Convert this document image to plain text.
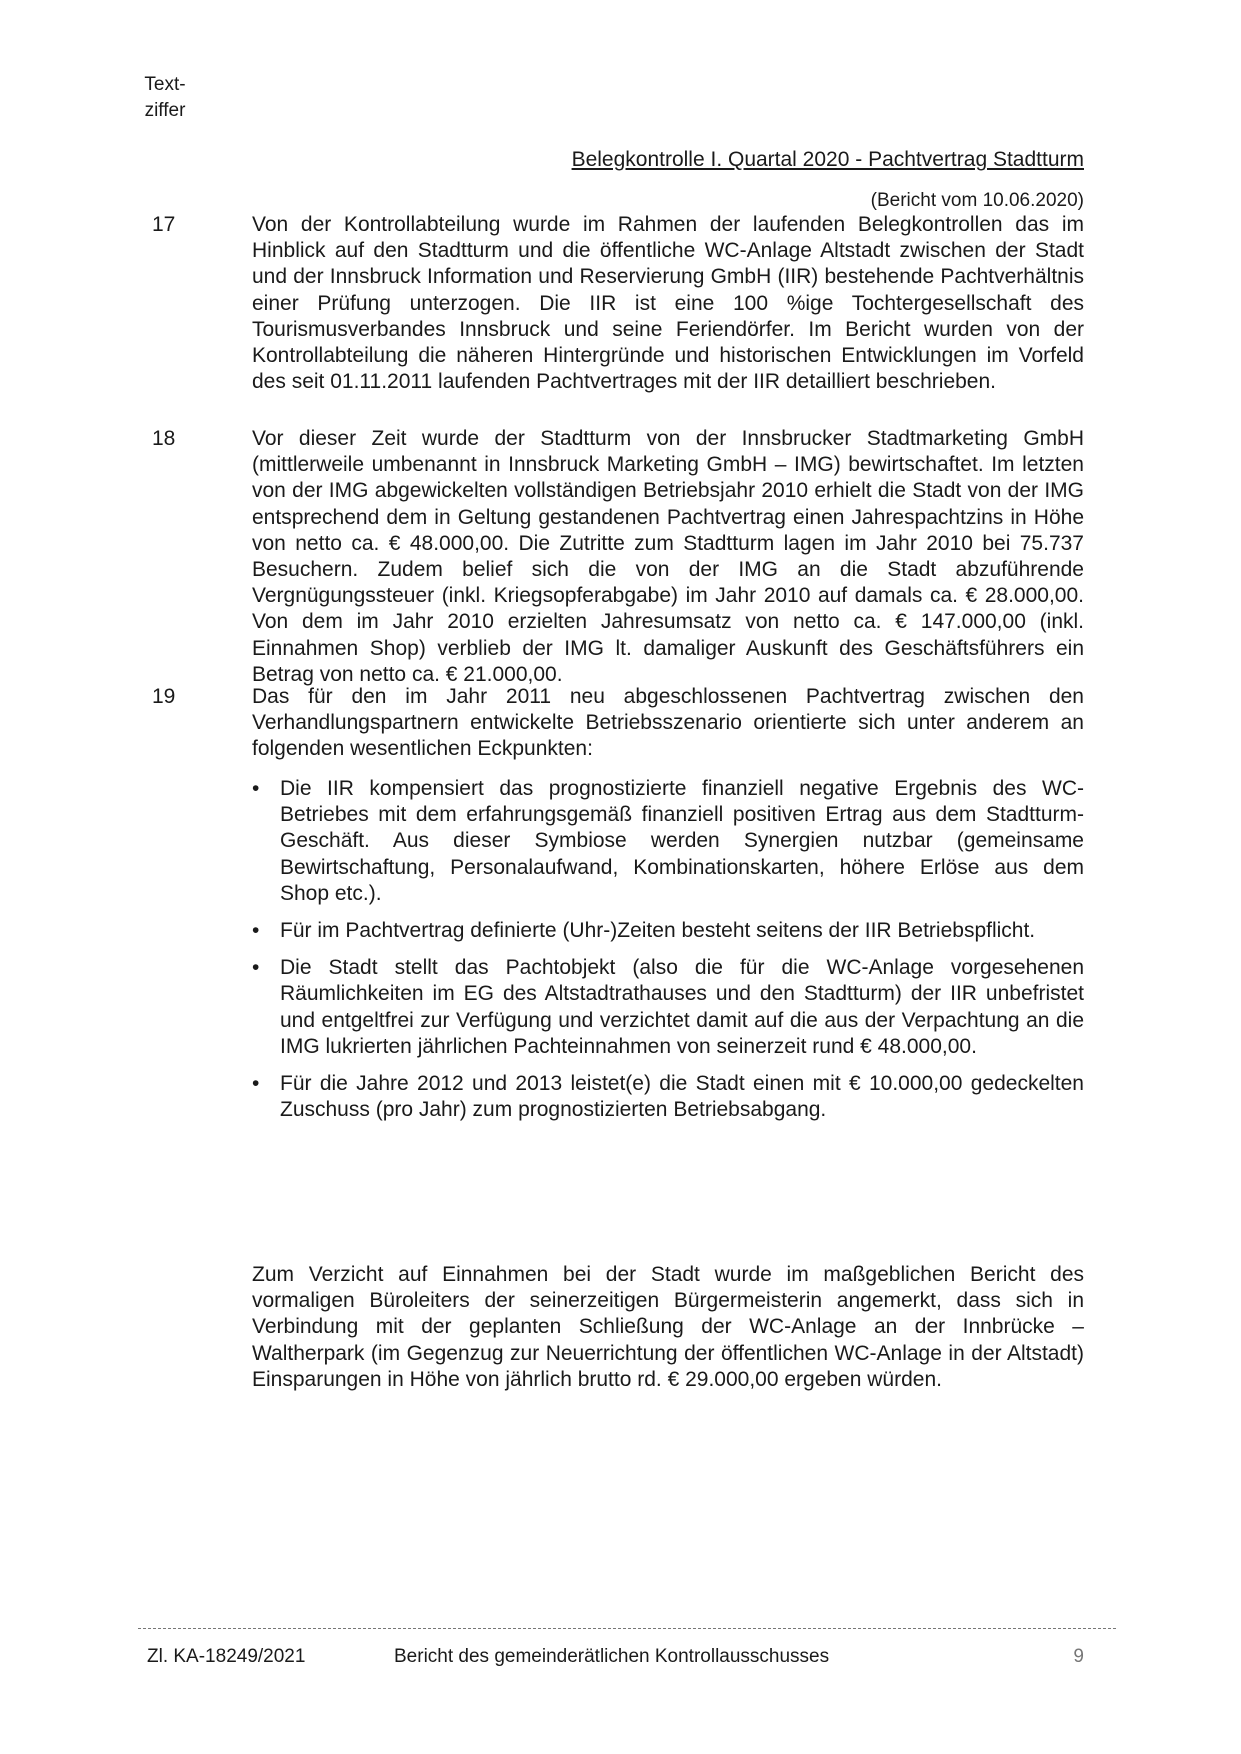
Text-
ziffer
Belegkontrolle I. Quartal 2020 - Pachtvertrag Stadtturm
(Bericht vom 10.06.2020)
17	Von der Kontrollabteilung wurde im Rahmen der laufenden Belegkontrollen das im Hinblick auf den Stadtturm und die öffentliche WC-Anlage Altstadt zwischen der Stadt und der Innsbruck Information und Reservierung GmbH (IIR) bestehende Pachtverhältnis einer Prüfung unterzogen. Die IIR ist eine 100 %ige Tochtergesellschaft des Tourismusverbandes Innsbruck und seine Feriendörfer. Im Bericht wurden von der Kontrollabteilung die näheren Hintergründe und historischen Entwicklungen im Vorfeld des seit 01.11.2011 laufenden Pachtvertrages mit der IIR detailliert beschrieben.
18	Vor dieser Zeit wurde der Stadtturm von der Innsbrucker Stadtmarketing GmbH (mittlerweile umbenannt in Innsbruck Marketing GmbH – IMG) bewirtschaftet. Im letzten von der IMG abgewickelten vollständigen Betriebsjahr 2010 erhielt die Stadt von der IMG entsprechend dem in Geltung gestandenen Pachtvertrag einen Jahrespachtzins in Höhe von netto ca. € 48.000,00. Die Zutritte zum Stadtturm lagen im Jahr 2010 bei 75.737 Besuchern. Zudem belief sich die von der IMG an die Stadt abzuführende Vergnügungssteuer (inkl. Kriegsopferabgabe) im Jahr 2010 auf damals ca. € 28.000,00. Von dem im Jahr 2010 erzielten Jahresumsatz von netto ca. € 147.000,00 (inkl. Einnahmen Shop) verblieb der IMG lt. damaliger Auskunft des Geschäftsführers ein Betrag von netto ca. € 21.000,00.
19	Das für den im Jahr 2011 neu abgeschlossenen Pachtvertrag zwischen den Verhandlungspartnern entwickelte Betriebsszenario orientierte sich unter anderem an folgenden wesentlichen Eckpunkten:
• Die IIR kompensiert das prognostizierte finanziell negative Ergebnis des WC-Betriebes mit dem erfahrungsgemäß finanziell positiven Ertrag aus dem Stadtturm-Geschäft. Aus dieser Symbiose werden Synergien nutzbar (gemeinsame Bewirtschaftung, Personalaufwand, Kombinationskarten, höhere Erlöse aus dem Shop etc.).
• Für im Pachtvertrag definierte (Uhr-)Zeiten besteht seitens der IIR Betriebspflicht.
• Die Stadt stellt das Pachtobjekt (also die für die WC-Anlage vorgesehenen Räumlichkeiten im EG des Altstadtrathauses und den Stadtturm) der IIR unbefristet und entgeltfrei zur Verfügung und verzichtet damit auf die aus der Verpachtung an die IMG lukrierten jährlichen Pachteinnahmen von seinerzeit rund € 48.000,00.
• Für die Jahre 2012 und 2013 leistet(e) die Stadt einen mit € 10.000,00 gedeckelten Zuschuss (pro Jahr) zum prognostizierten Betriebsabgang.
Zum Verzicht auf Einnahmen bei der Stadt wurde im maßgeblichen Bericht des vormaligen Büroleiters der seinerzeitigen Bürgermeisterin angemerkt, dass sich in Verbindung mit der geplanten Schließung der WC-Anlage an der Innbrücke – Waltherpark (im Gegenzug zur Neuerrichtung der öffentlichen WC-Anlage in der Altstadt) Einsparungen in Höhe von jährlich brutto rd. € 29.000,00 ergeben würden.
Zl. KA-18249/2021	Bericht des gemeinderätlichen Kontrollausschusses	9
